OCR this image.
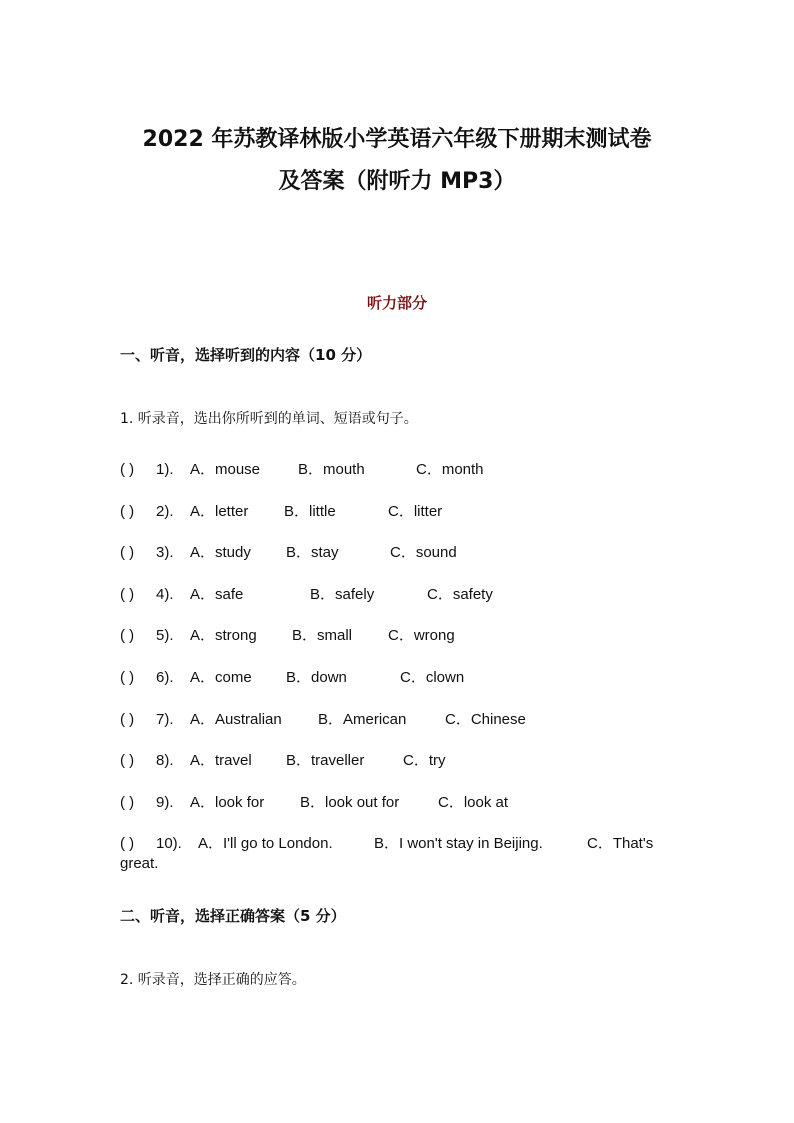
2022 年苏教译林版小学英语六年级下册期末测试卷
及答案（附听力 MP3）
听力部分
一、听音，选择听到的内容（10 分）
1. 听录音，选出你所听到的单词、短语或句子。
( ) 1). A．mouse	B．mouth	C．month
( ) 2). A．letter B．little	C．litter
( ) 3). A．study B．stay	C．sound
( ) 4). A．safe	B．safely	C．safety
( ) 5). A．strong B．small C．wrong
( ) 6). A．come B．down	C．clown
( ) 7). A．Australian B．American	C．Chinese
( ) 8). A．travel B．traveller	C．try
( ) 9). A．look for B．look out for	C．look at
( ) 10). A．I'll go to London.	B．I won't stay in Beijing.	C．That's
great.
二、听音，选择正确答案（5 分）
2. 听录音，选择正确的应答。
